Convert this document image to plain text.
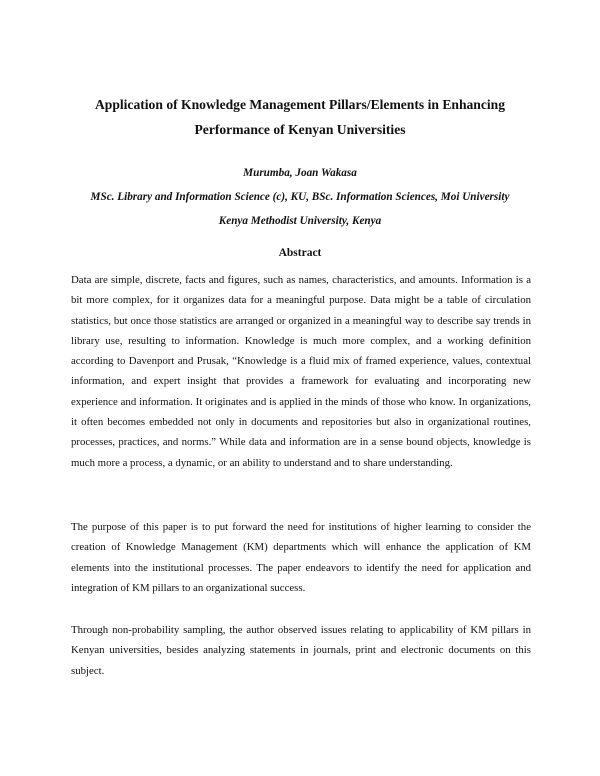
Application of Knowledge Management Pillars/Elements in Enhancing
Performance of Kenyan Universities
Murumba, Joan Wakasa
MSc. Library and Information Science (c), KU, BSc. Information Sciences, Moi University
Kenya Methodist University, Kenya
Abstract

Data are simple, discrete, facts and figures, such as names, characteristics, and amounts. Information is a bit more complex, for it organizes data for a meaningful purpose. Data might be a table of circulation statistics, but once those statistics are arranged or organized in a meaningful way to describe say trends in library use, resulting to information. Knowledge is much more complex, and a working definition according to Davenport and Prusak, “Knowledge is a fluid mix of framed experience, values, contextual information, and expert insight that provides a framework for evaluating and incorporating new experience and information. It originates and is applied in the minds of those who know. In organizations, it often becomes embedded not only in documents and repositories but also in organizational routines, processes, practices, and norms.” While data and information are in a sense bound objects, knowledge is much more a process, a dynamic, or an ability to understand and to share understanding.

The purpose of this paper is to put forward the need for institutions of higher learning to consider the creation of Knowledge Management (KM) departments which will enhance the application of KM elements into the institutional processes. The paper endeavors to identify the need for application and integration of KM pillars to an organizational success.

Through non-probability sampling, the author observed issues relating to applicability of KM pillars in Kenyan universities, besides analyzing statements in journals, print and electronic documents on this subject.
